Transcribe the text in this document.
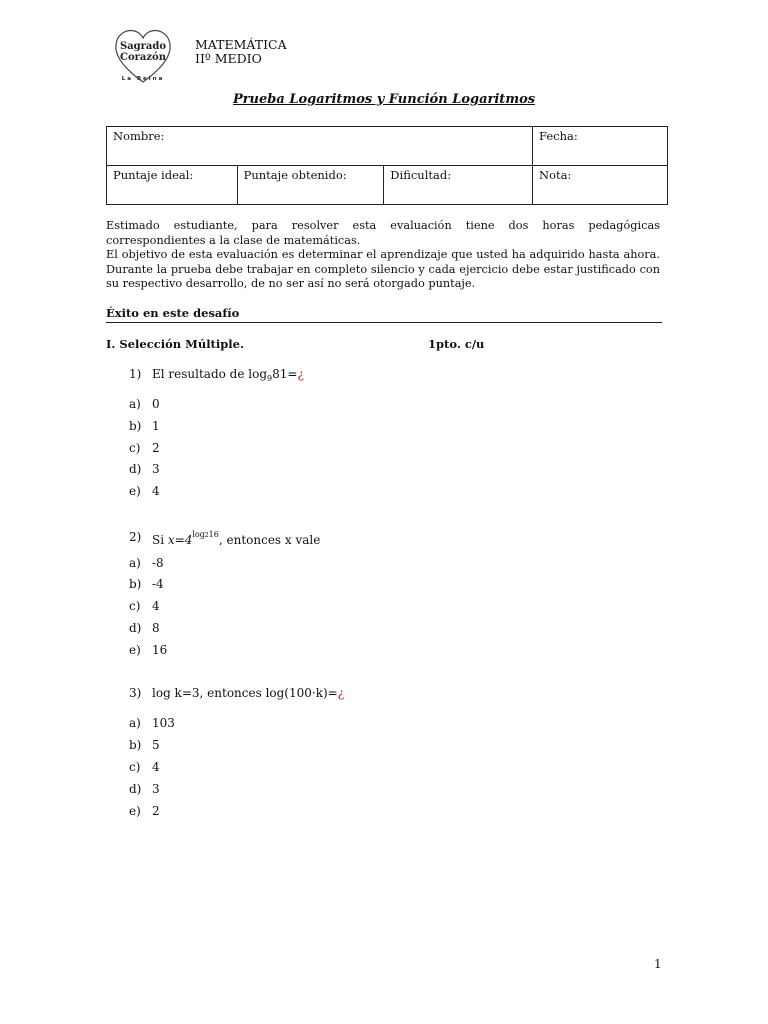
Sagrado
Corazón
La Reina
MATEMÁTICA
IIº MEDIO
Prueba Logaritmos y Función Logaritmos
Nombre:			Fecha:
Puntaje ideal:	Puntaje obtenido:	Dificultad:	Nota:

Estimado estudiante, para resolver esta evaluación tiene dos horas pedagógicas correspondientes a la clase de matemáticas.

El objetivo de esta evaluación es determinar el aprendizaje que usted ha adquirido hasta ahora. Durante la prueba debe trabajar en completo silencio y cada ejercicio debe estar justificado con su respectivo desarrollo, de no ser así no será otorgado puntaje.

Éxito en este desafío
I. Selección Múltiple.	1pto. c/u
1) El resultado de $\log_981=¿$
a) 0
b) 1
c) 2
d) 3
e) 4
2) Si $x=4^{log216}$, entonces x vale
a) -8
b) -4
c) 4
d) 8
e) 16
3) log k=3, entonces log(100·k)=¿
a) 103
b) 5
c) 4
d) 3
e) 2
1
